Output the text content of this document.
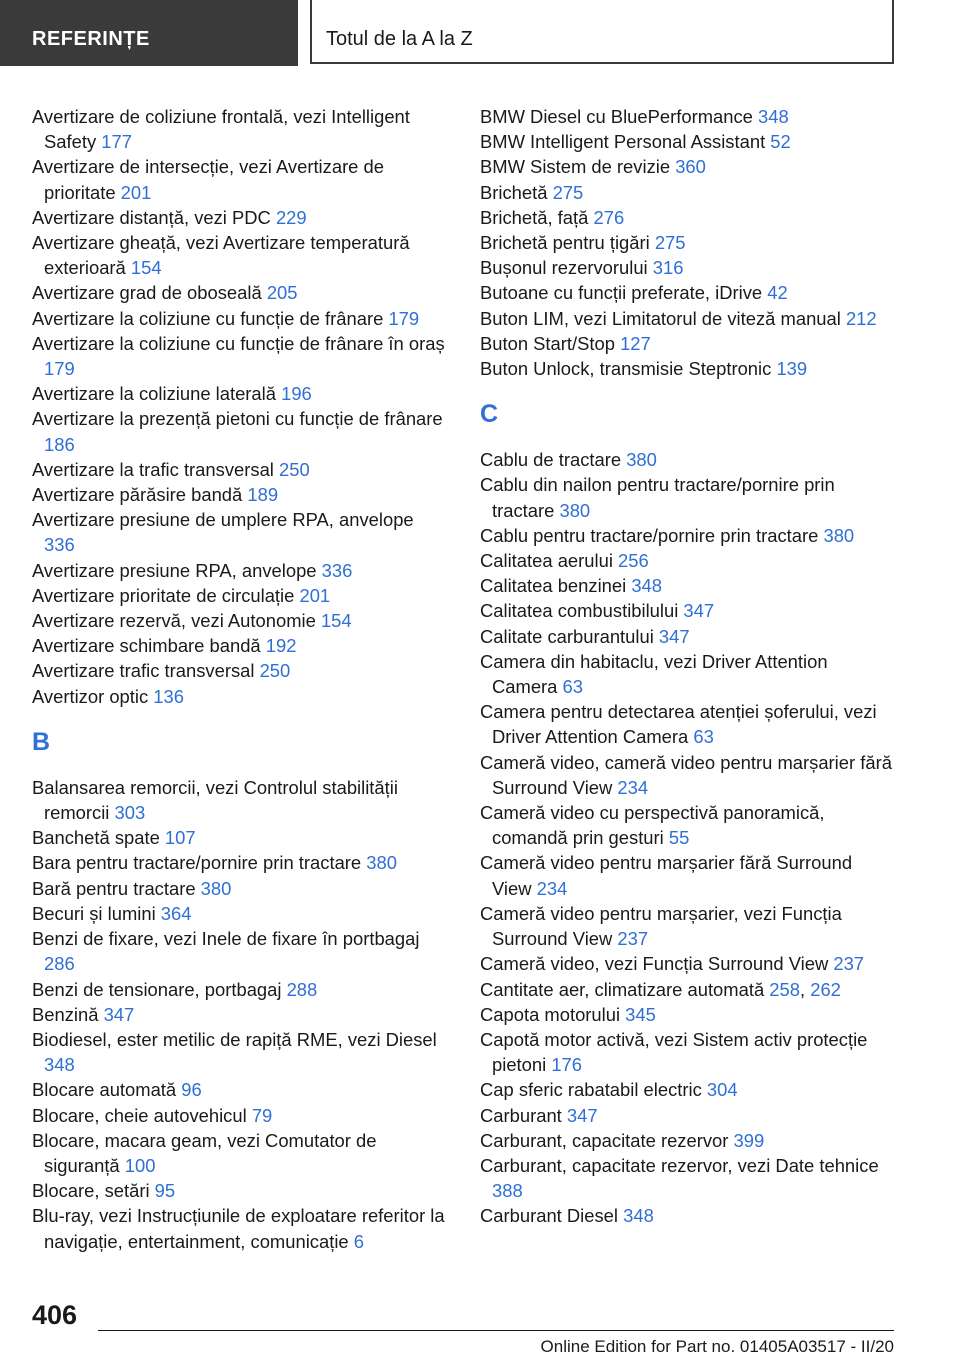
REFERINȚE	Totul de la A la Z
Avertizare de coliziune frontală, vezi Intelligent Safety 177
Avertizare de intersecție, vezi Avertizare de prioritate 201
Avertizare distanță, vezi PDC 229
Avertizare gheață, vezi Avertizare temperatură exterioară 154
Avertizare grad de oboseală 205
Avertizare la coliziune cu funcție de frânare 179
Avertizare la coliziune cu funcție de frânare în oraș 179
Avertizare la coliziune laterală 196
Avertizare la prezență pietoni cu funcție de frânare 186
Avertizare la trafic transversal 250
Avertizare părăsire bandă 189
Avertizare presiune de umplere RPA, anvelope 336
Avertizare presiune RPA, anvelope 336
Avertizare prioritate de circulație 201
Avertizare rezervă, vezi Autonomie 154
Avertizare schimbare bandă 192
Avertizare trafic transversal 250
Avertizor optic 136
B
Balansarea remorcii, vezi Controlul stabilității remorcii 303
Banchetă spate 107
Bara pentru tractare/pornire prin tractare 380
Bară pentru tractare 380
Becuri și lumini 364
Benzi de fixare, vezi Inele de fixare în portbagaj 286
Benzi de tensionare, portbagaj 288
Benzină 347
Biodiesel, ester metilic de rapiță RME, vezi Diesel 348
Blocare automată 96
Blocare, cheie autovehicul 79
Blocare, macara geam, vezi Comutator de siguranță 100
Blocare, setări 95
Blu-ray, vezi Instrucțiunile de exploatare referitor la navigație, entertainment, comunicație 6
BMW Diesel cu BluePerformance 348
BMW Intelligent Personal Assistant 52
BMW Sistem de revizie 360
Brichetă 275
Brichetă, față 276
Brichetă pentru țigări 275
Bușonul rezervorului 316
Butoane cu funcții preferate, iDrive 42
Buton LIM, vezi Limitatorul de viteză manual 212
Buton Start/Stop 127
Buton Unlock, transmisie Steptronic 139
C
Cablu de tractare 380
Cablu din nailon pentru tractare/pornire prin tractare 380
Cablu pentru tractare/pornire prin tractare 380
Calitatea aerului 256
Calitatea benzinei 348
Calitatea combustibilului 347
Calitate carburantului 347
Camera din habitaclu, vezi Driver Attention Camera 63
Camera pentru detectarea atenției șoferului, vezi Driver Attention Camera 63
Cameră video, cameră video pentru marșarier fără Surround View 234
Cameră video cu perspectivă panoramică, comandă prin gesturi 55
Cameră video pentru marșarier fără Surround View 234
Cameră video pentru marșarier, vezi Funcția Surround View 237
Cameră video, vezi Funcția Surround View 237
Cantitate aer, climatizare automată 258, 262
Capota motorului 345
Capotă motor activă, vezi Sistem activ protecție pietoni 176
Cap sferic rabatabil electric 304
Carburant 347
Carburant, capacitate rezervor 399
Carburant, capacitate rezervor, vezi Date tehnice 388
Carburant Diesel 348
406
Online Edition for Part no. 01405A03517 - II/20
